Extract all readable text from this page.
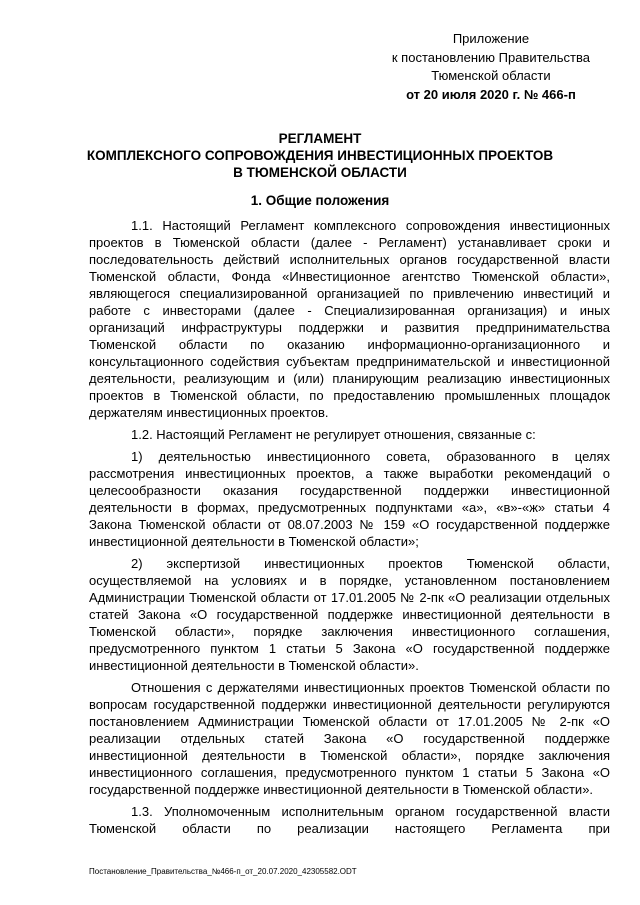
Приложение
к постановлению Правительства
Тюменской области
от 20 июля 2020 г. № 466-п
РЕГЛАМЕНТ
КОМПЛЕКСНОГО СОПРОВОЖДЕНИЯ ИНВЕСТИЦИОННЫХ ПРОЕКТОВ
В ТЮМЕНСКОЙ ОБЛАСТИ
1. Общие положения

1.1. Настоящий Регламент комплексного сопровождения инвестиционных проектов в Тюменской области (далее - Регламент) устанавливает сроки и последовательность действий исполнительных органов государственной власти Тюменской области, Фонда «Инвестиционное агентство Тюменской области», являющегося специализированной организацией по привлечению инвестиций и работе с инвесторами (далее - Специализированная организация) и иных организаций инфраструктуры поддержки и развития предпринимательства Тюменской области по оказанию информационно-организационного и консультационного содействия субъектам предпринимательской и инвестиционной деятельности, реализующим и (или) планирующим реализацию инвестиционных проектов в Тюменской области, по предоставлению промышленных площадок держателям инвестиционных проектов.

1.2. Настоящий Регламент не регулирует отношения, связанные с:

1) деятельностью инвестиционного совета, образованного в целях рассмотрения инвестиционных проектов, а также выработки рекомендаций о целесообразности оказания государственной поддержки инвестиционной деятельности в формах, предусмотренных подпунктами «а», «в»-«ж» статьи 4 Закона Тюменской области от 08.07.2003 № 159 «О государственной поддержке инвестиционной деятельности в Тюменской области»;

2) экспертизой инвестиционных проектов Тюменской области, осуществляемой на условиях и в порядке, установленном постановлением Администрации Тюменской области от 17.01.2005 № 2-пк «О реализации отдельных статей Закона «О государственной поддержке инвестиционной деятельности в Тюменской области», порядке заключения инвестиционного соглашения, предусмотренного пунктом 1 статьи 5 Закона «О государственной поддержке инвестиционной деятельности в Тюменской области».

Отношения с держателями инвестиционных проектов Тюменской области по вопросам государственной поддержки инвестиционной деятельности регулируются постановлением Администрации Тюменской области от 17.01.2005 № 2-пк «О реализации отдельных статей Закона «О государственной поддержке инвестиционной деятельности в Тюменской области», порядке заключения инвестиционного соглашения, предусмотренного пунктом 1 статьи 5 Закона «О государственной поддержке инвестиционной деятельности в Тюменской области».

1.3. Уполномоченным исполнительным органом государственной власти Тюменской области по реализации настоящего Регламента при

Постановление_Правительства_№466-п_от_20.07.2020_42305582.ODT
